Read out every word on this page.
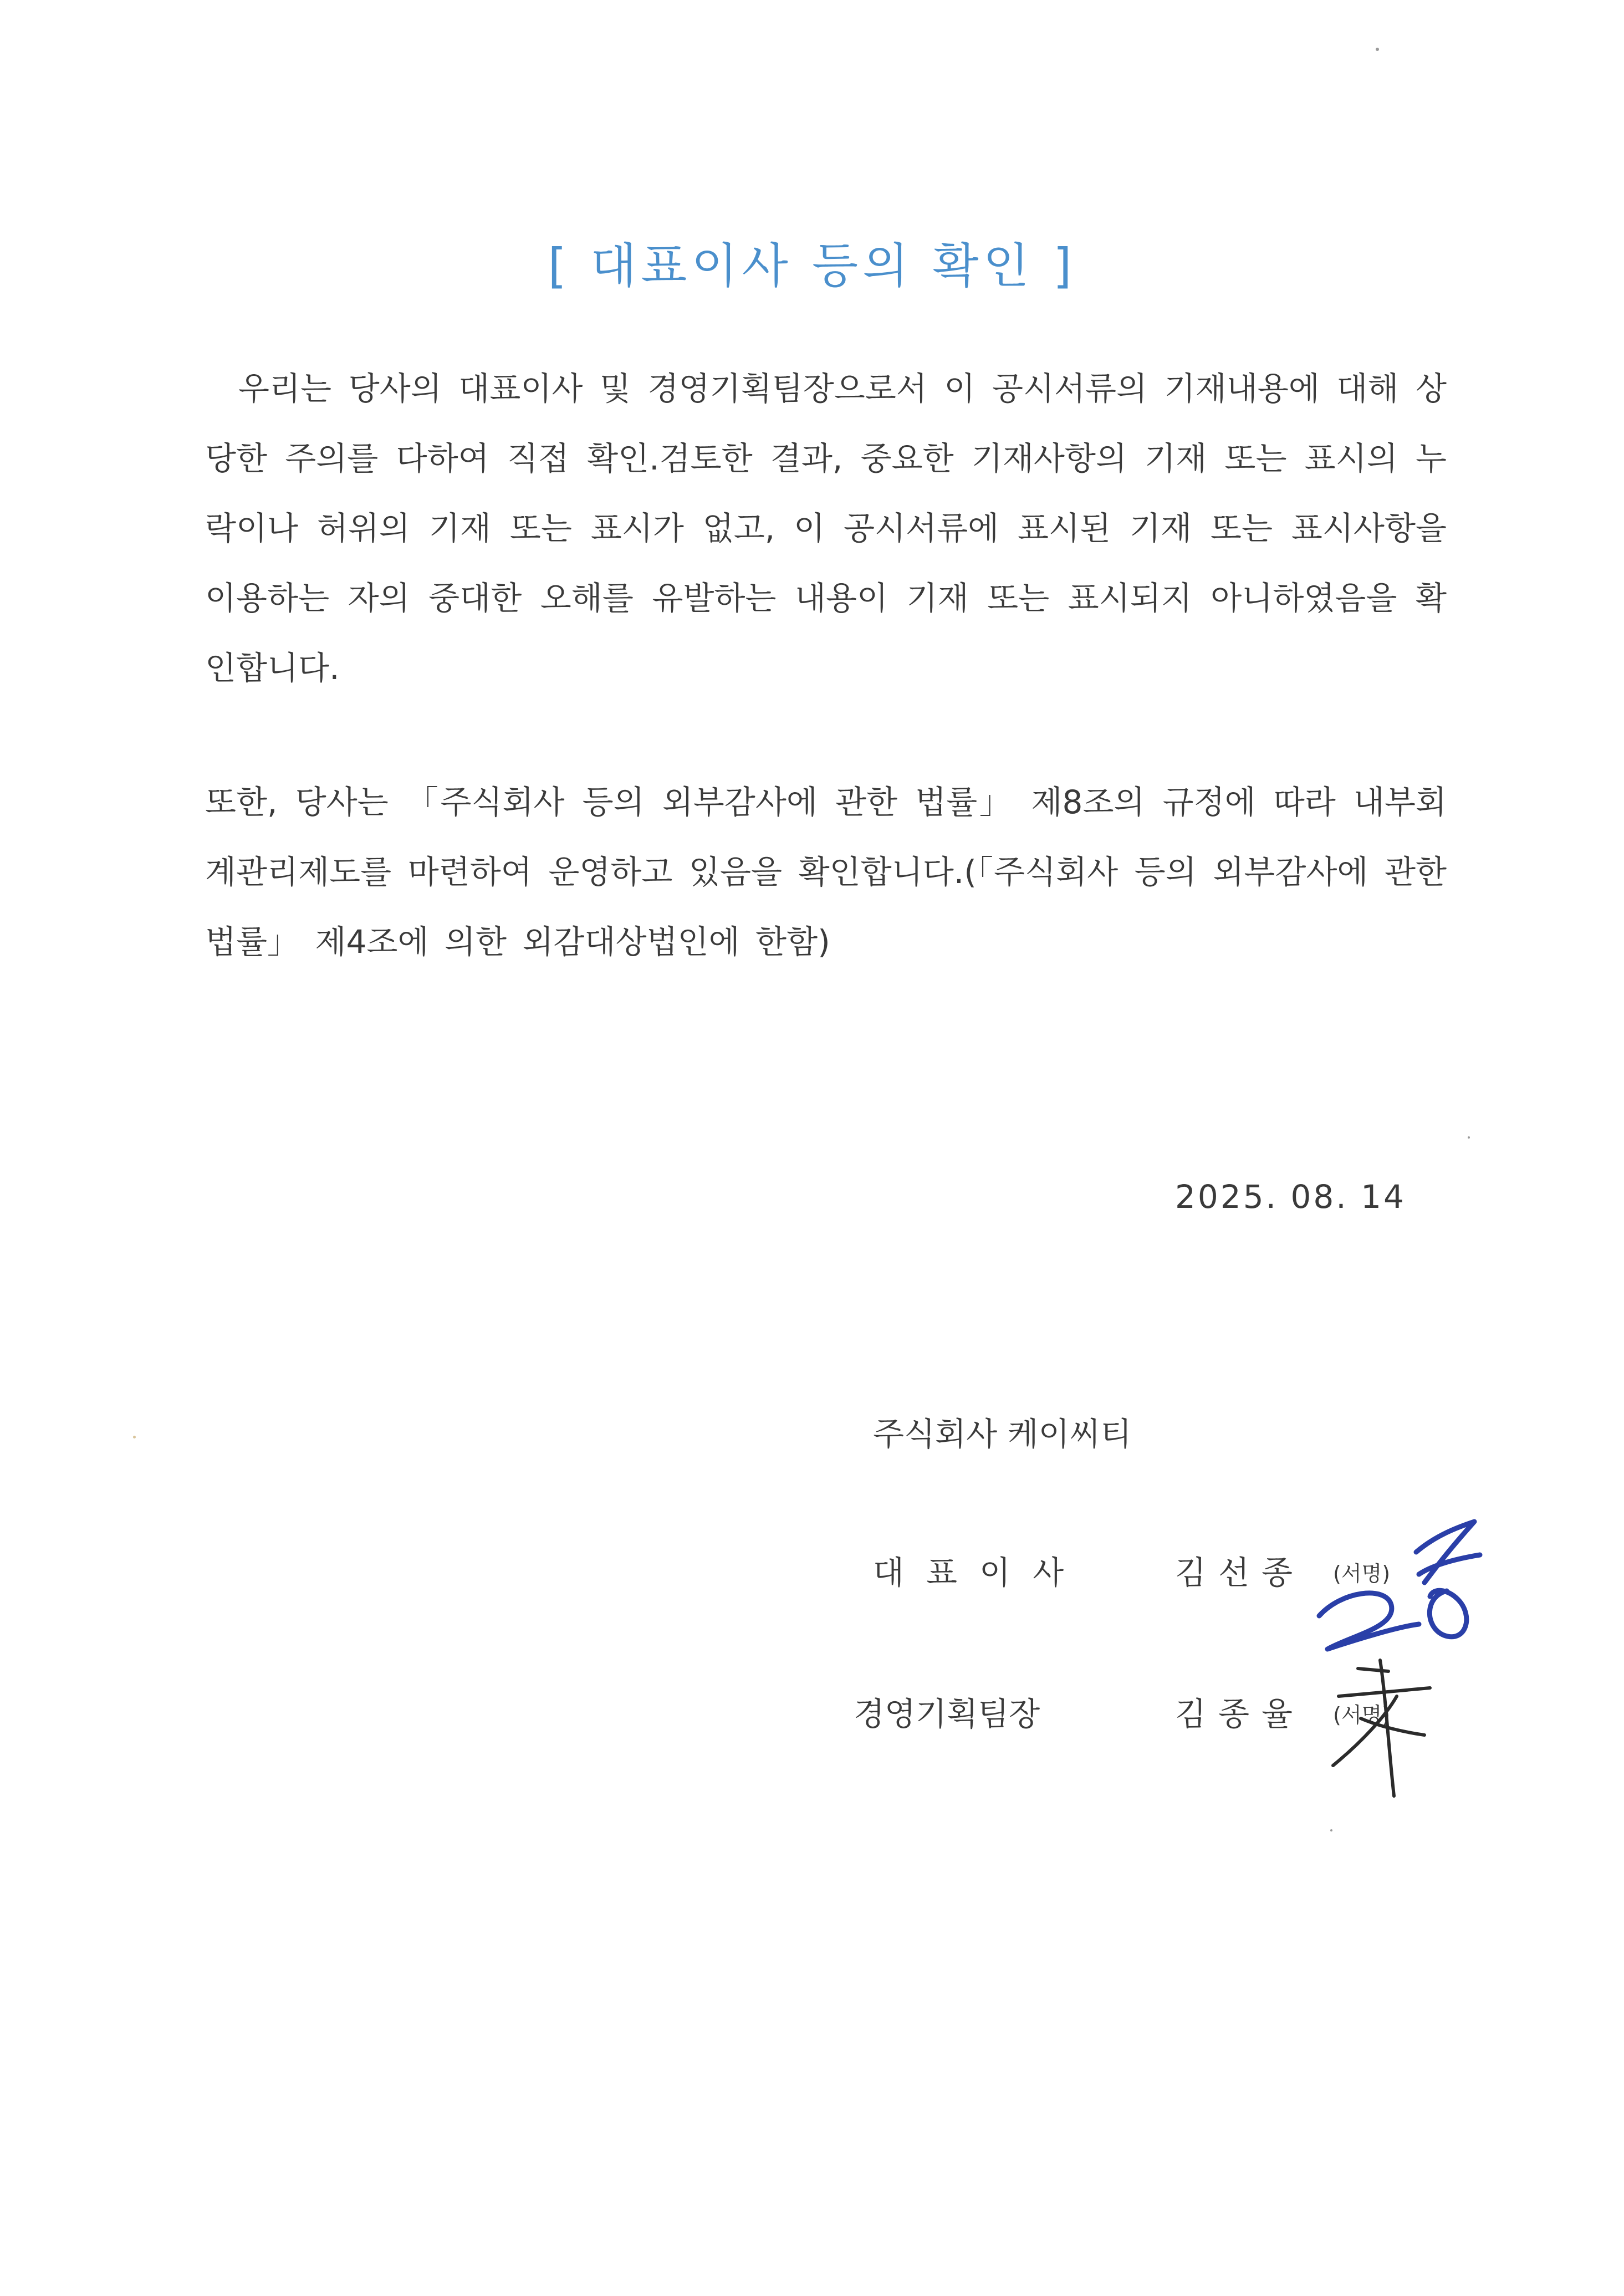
[ 대표이사 등의 확인 ]
우리는 당사의 대표이사 및 경영기획팀장으로서 이 공시서류의 기재내용에 대해 상당한 주의를 다하여 직접 확인.검토한 결과, 중요한 기재사항의 기재 또는 표시의 누락이나 허위의 기재 또는 표시가 없고, 이 공시서류에 표시된 기재 또는 표시사항을 이용하는 자의 중대한 오해를 유발하는 내용이 기재 또는 표시되지 아니하였음을 확인합니다.
또한, 당사는 「주식회사 등의 외부감사에 관한 법률」 제8조의 규정에 따라 내부회계관리제도를 마련하여 운영하고 있음을 확인합니다.(「주식회사 등의 외부감사에 관한 법률」 제4조에 의한 외감대상법인에 한함)
2025. 08. 14
주식회사 케이씨티
대표이사	김선종 (서명)
경영기획팀장	김종율 (서명)
